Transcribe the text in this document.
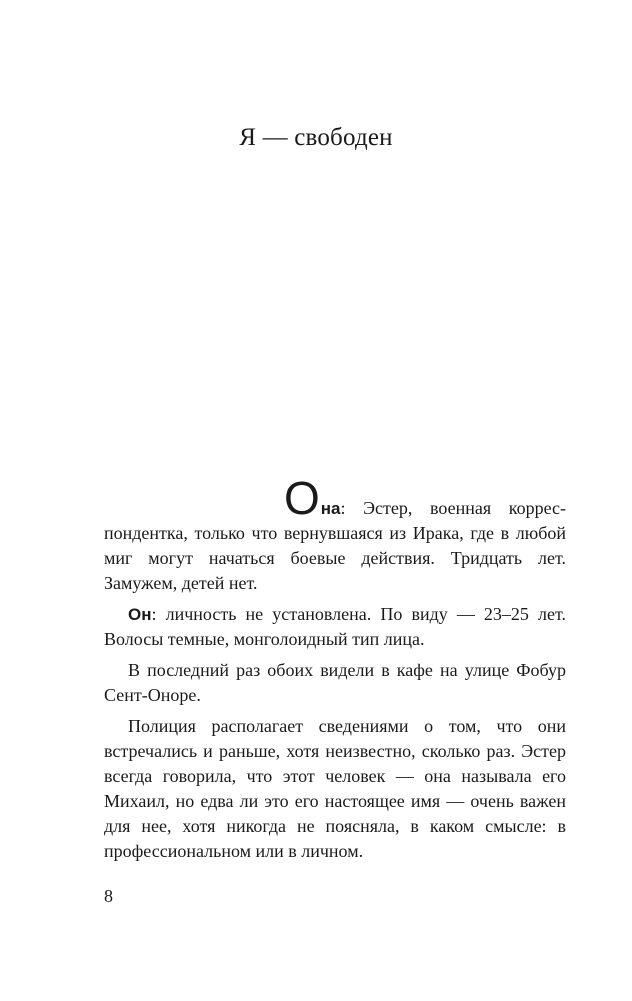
Я — свободен

Она: Эстер, военная коррес-
пондентка, только что вернувшаяся из Ирака, где в любой миг могут начаться боевые действия. Тридцать лет. Замужем, детей нет.

Он: личность не установлена. По виду — 23–25 лет. Волосы темные, монголоидный тип лица.

В последний раз обоих видели в кафе на улице Фобур Сент-Оноре.

Полиция располагает сведениями о том, что они встречались и раньше, хотя неизвестно, сколько раз. Эстер всегда говорила, что этот человек — она называла его Михаил, но едва ли это его настоящее имя — очень важен для нее, хотя никогда не поясняла, в каком смысле: в профессиональном или в личном.

8
